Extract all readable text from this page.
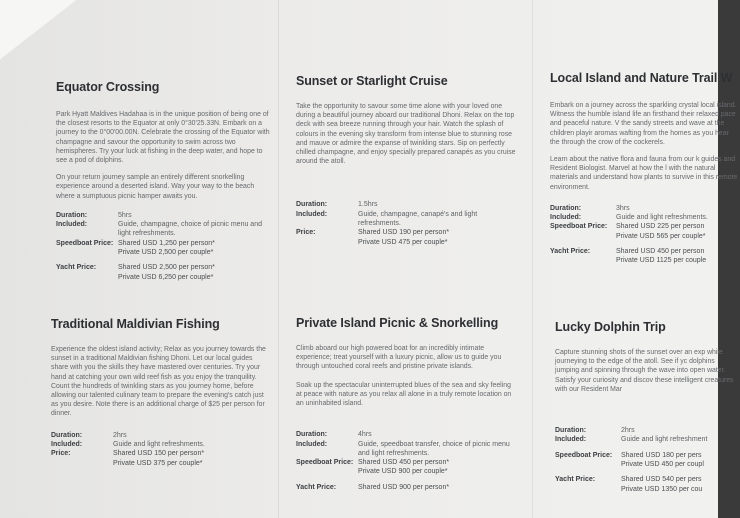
Equator Crossing

Park Hyatt Maldives Hadahaa is in the unique position of being one of the closest resorts to the Equator at only 0°30'25.33N. Embark on a journey to the 0°00'00.00N. Celebrate the crossing of the Equator with champagne and savour the opportunity to swim across two hemispheres. Try your luck at fishing in the deep water, and hope to see a pod of dolphins.

On your return journey sample an entirely different snorkelling experience around a deserted island. Way your way to the beach where a sumptuous picnic hamper awaits you.

Duration:	5hrs
Included:	Guide, champagne, choice of picnic menu and light refreshments.
Speedboat Price: Shared USD 1,250 per person*
Private USD 2,500 per couple*
Yacht Price:	Shared USD 2,500 per person*
Private USD 6,250 per couple*
Sunset or Starlight Cruise

Take the opportunity to savour some time alone with your loved one during a beautiful journey aboard our traditional Dhoni. Relax on the top deck with sea breeze running through your hair. Watch the splash of colours in the evening sky transform from intense blue to stunning rose and mauve or admire the expanse of twinkling stars. Sip on perfectly chilled champagne, and enjoy specially prepared canapés as you cruise around the atoll.

Duration:	1.5hrs
Included:	Guide, champagne, canapé's and light refreshments.
Price:	Shared USD 190 per person*
Private USD 475 per couple*
Local Island and Nature Trail W

Embark on a journey across the sparkling crystal local island. Witness the humble island life an firsthand their relaxed pace and peaceful nature. V the sandy streets and wave at the children playir aromas wafting from the homes as you hear the through the crow of the cockerels.

Learn about the native flora and fauna from our k guides and Resident Biologist. Marvel at how the l with the natural materials and understand how plants to survive in this remote environment.

Duration:	3hrs
Included:	Guide and light refreshments.
Speedboat Price:	Shared USD 225 per person
Private USD 565 per couple*
Yacht Price:	Shared USD 450 per person
Private USD 1125 per couple
Traditional Maldivian Fishing

Experience the oldest island activity; Relax as you journey towards the sunset in a traditional Maldivian fishing Dhoni. Let our local guides share with you the skills they have mastered over centuries. Try your hand at catching your own wild reef fish as you enjoy the tranquility. Count the hundreds of twinkling stars as you journey home, before allowing our talented culinary team to prepare the evening's catch just as you desire. Note there is an additional charge of $25 per person for dinner.

Duration:	2hrs
Included:	Guide and light refreshments.
Price:	Shared USD 150 per person*
Private USD 375 per couple*
Private Island Picnic & Snorkelling

Climb aboard our high powered boat for an incredibly intimate experience; treat yourself with a luxury picnic, allow us to guide you through untouched coral reefs and pristine private islands.

Soak up the spectacular uninterrupted blues of the sea and sky feeling at peace with nature as you relax all alone in a truly remote location on an uninhabited island.

Duration:	4hrs
Included:	Guide, speedboat transfer, choice of picnic menu and light refreshments.
Speedboat Price: Shared USD 450 per person*
Private USD 900 per couple*
Yacht Price:	Shared USD 900 per person*
Lucky Dolphin Trip

Capture stunning shots of the sunset over an exp while journeying to the edge of the atoll. See if yc dolphins jumping and spinning through the wave into open water. Satisfy your curiosity and discov these intelligent creatures with our Resident Mar

Duration:	2hrs
Included:	Guide and light refreshment
Speedboat Price:	Shared USD 180 per pers
Private USD 450 per coupl
Yacht Price:	Shared USD 540 per pers
Private USD 1350 per cou
